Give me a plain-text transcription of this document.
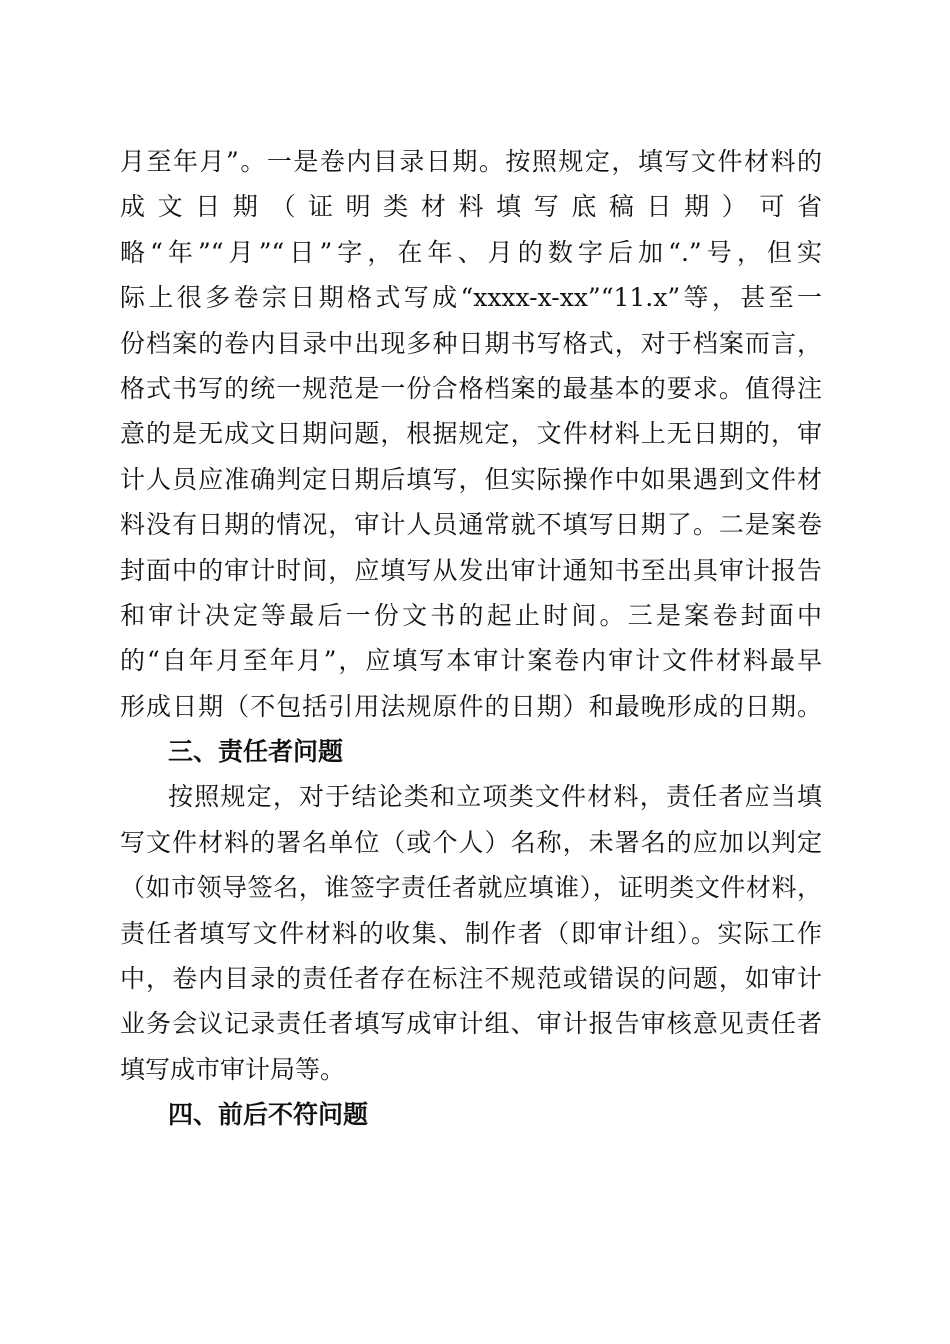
月至年月”。一是卷内目录日期。按照规定，填写文件材料的
成文日期（证明类材料填写底稿日期）可省
略“年”“月”“日”字，在年、月的数字后加“.”号，但实
际上很多卷宗日期格式写成“xxxx-x-xx”“11.x”等，甚至一
份档案的卷内目录中出现多种日期书写格式，对于档案而言，
格式书写的统一规范是一份合格档案的最基本的要求。值得注
意的是无成文日期问题，根据规定，文件材料上无日期的，审
计人员应准确判定日期后填写，但实际操作中如果遇到文件材
料没有日期的情况，审计人员通常就不填写日期了。二是案卷
封面中的审计时间，应填写从发出审计通知书至出具审计报告
和审计决定等最后一份文书的起止时间。三是案卷封面中
的“自年月至年月”，应填写本审计案卷内审计文件材料最早
形成日期（不包括引用法规原件的日期）和最晚形成的日期。
三、责任者问题
按照规定，对于结论类和立项类文件材料，责任者应当填
写文件材料的署名单位（或个人）名称，未署名的应加以判定
（如市领导签名，谁签字责任者就应填谁），证明类文件材料，
责任者填写文件材料的收集、制作者（即审计组）。实际工作
中，卷内目录的责任者存在标注不规范或错误的问题，如审计
业务会议记录责任者填写成审计组、审计报告审核意见责任者
填写成市审计局等。
四、前后不符问题
